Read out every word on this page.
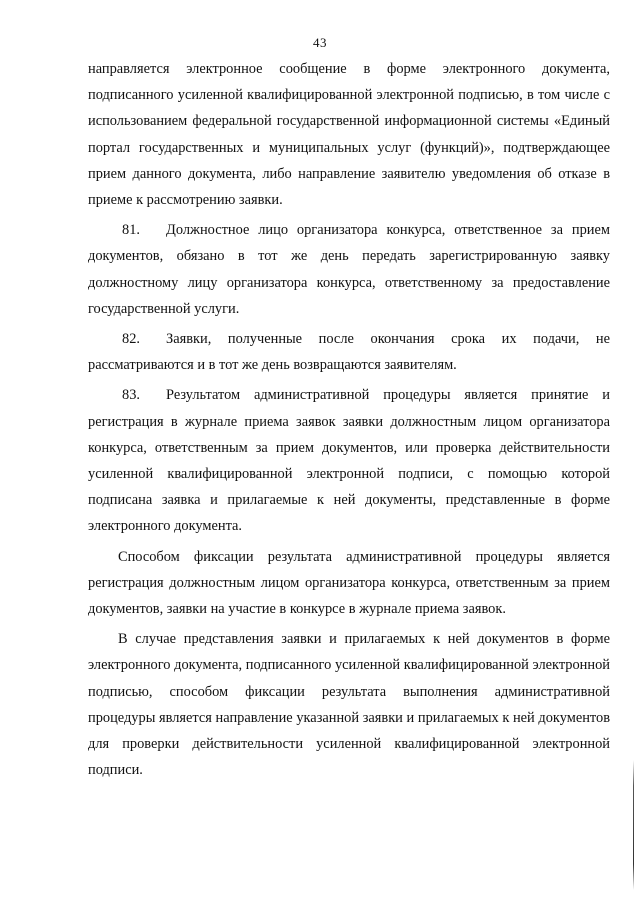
43

направляется электронное сообщение в форме электронного документа, подписанного усиленной квалифицированной электронной подписью, в том числе с использованием федеральной государственной информационной системы «Единый портал государственных и муниципальных услуг (функций)», подтверждающее прием данного документа, либо направление заявителю уведомления об отказе в приеме к рассмотрению заявки.

81. Должностное лицо организатора конкурса, ответственное за прием документов, обязано в тот же день передать зарегистрированную заявку должностному лицу организатора конкурса, ответственному за предоставление государственной услуги.

82. Заявки, полученные после окончания срока их подачи, не рассматриваются и в тот же день возвращаются заявителям.

83. Результатом административной процедуры является принятие и регистрация в журнале приема заявок заявки должностным лицом организатора конкурса, ответственным за прием документов, или проверка действительности усиленной квалифицированной электронной подписи, с помощью которой подписана заявка и прилагаемые к ней документы, представленные в форме электронного документа.

Способом фиксации результата административной процедуры является регистрация должностным лицом организатора конкурса, ответственным за прием документов, заявки на участие в конкурсе в журнале приема заявок.

В случае представления заявки и прилагаемых к ней документов в форме электронного документа, подписанного усиленной квалифицированной электронной подписью, способом фиксации результата выполнения административной процедуры является направление указанной заявки и прилагаемых к ней документов для проверки действительности усиленной квалифицированной электронной подписи.
